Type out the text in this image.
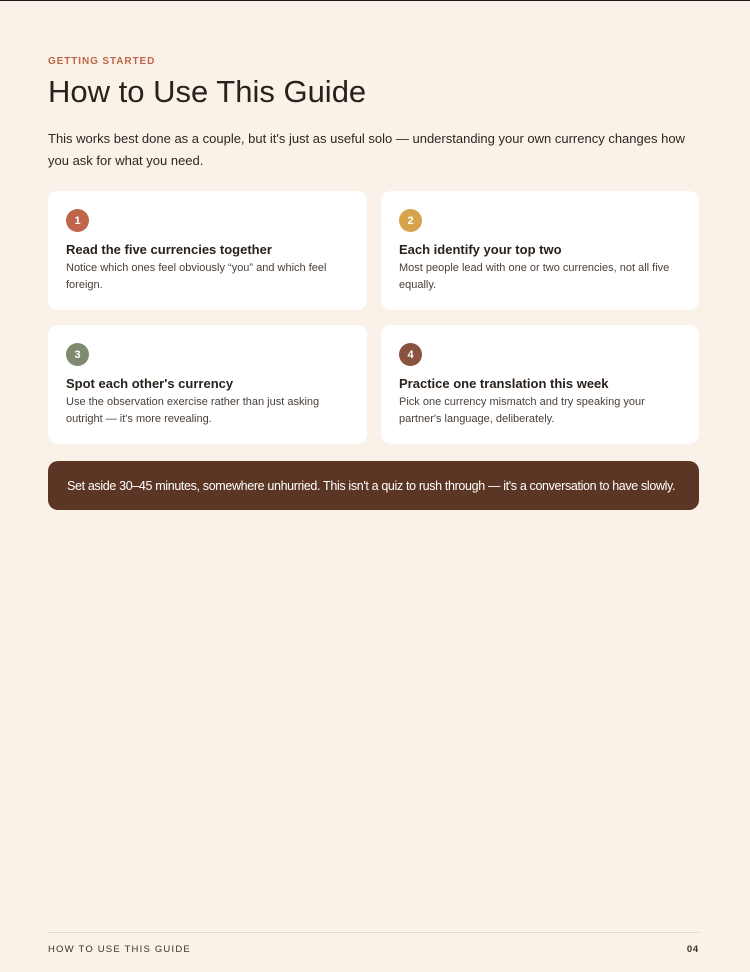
GETTING STARTED
How to Use This Guide

This works best done as a couple, but it's just as useful solo — understanding your own currency changes how you ask for what you need.

1
Read the five currencies together
Notice which ones feel obviously “you” and which feel foreign.
2
Each identify your top two
Most people lead with one or two currencies, not all five equally.
3
Spot each other's currency
Use the observation exercise rather than just asking outright — it's more revealing.
4
Practice one translation this week
Pick one currency mismatch and try speaking your partner's language, deliberately.
Set aside 30–45 minutes, somewhere unhurried. This isn't a quiz to rush through — it's a conversation to have slowly.
HOW TO USE THIS GUIDE	04
